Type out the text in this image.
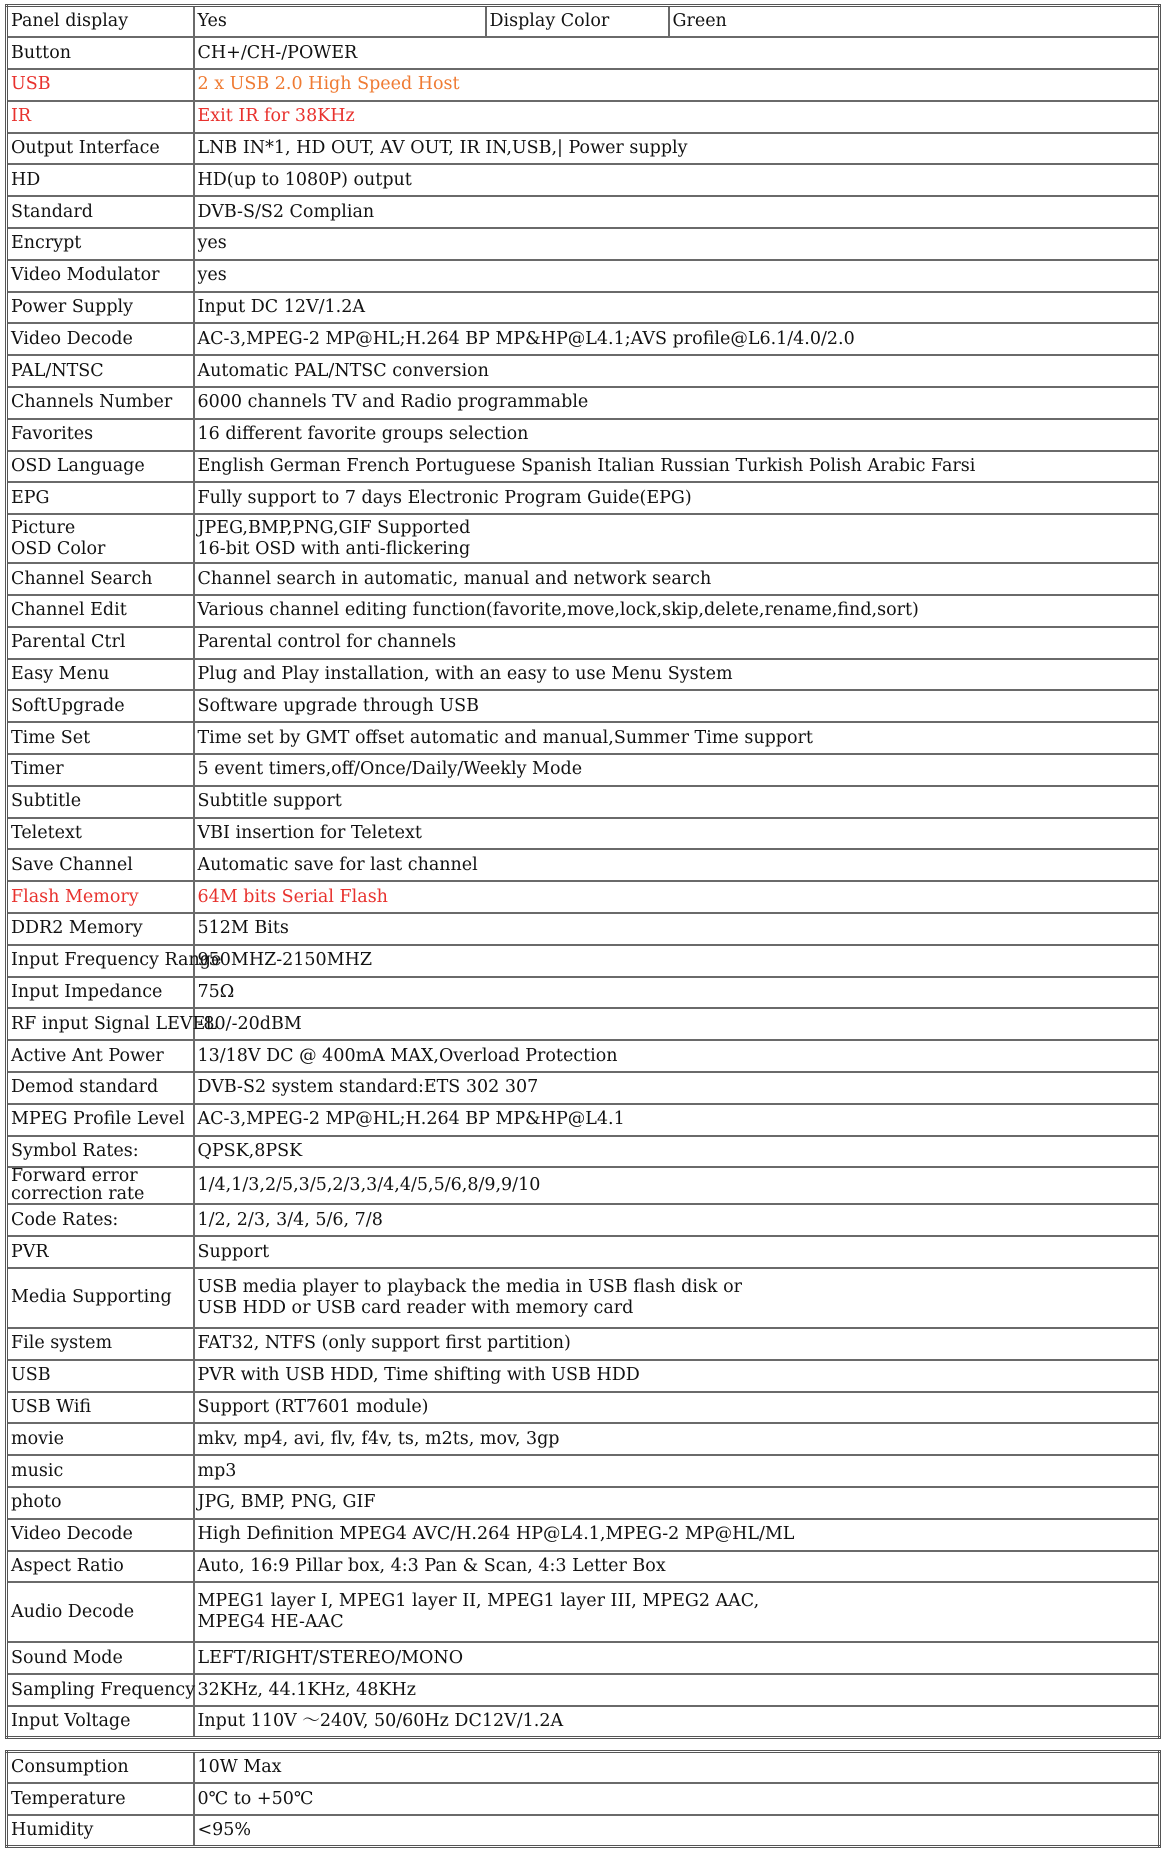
Panel display	Yes	Display Color	Green
Button	CH+/CH-/POWER		
USB	2 x USB 2.0 High Speed Host		
IR	Exit IR for 38KHz		
Output Interface	LNB IN*1, HD OUT, AV OUT, IR IN,USB,| Power supply		
HD	HD(up to 1080P) output		
Standard	DVB-S/S2 Complian		
Encrypt	yes		
Video Modulator	yes		
Power Supply	Input DC 12V/1.2A		
Video Decode	AC-3,MPEG-2 MP@HL;H.264 BP MP&HP@L4.1;AVS profile@L6.1/4.0/2.0		
PAL/NTSC	Automatic PAL/NTSC conversion		
Channels Number	6000 channels TV and Radio programmable		
Favorites	16 different favorite groups selection		
OSD Language	English German French Portuguese Spanish Italian Russian Turkish Polish Arabic Farsi		
EPG	Fully support to 7 days Electronic Program Guide(EPG)		

Picture
OSD Color	JPEG,BMP,PNG,GIF Supported
16-bit OSD with anti-flickering		

Channel Search	Channel search in automatic, manual and network search		
Channel Edit	Various channel editing function(favorite,move,lock,skip,delete,rename,find,sort)		
Parental Ctrl	Parental control for channels		
Easy Menu	Plug and Play installation, with an easy to use Menu System		
SoftUpgrade	Software upgrade through USB		
Time Set	Time set by GMT offset automatic and manual,Summer Time support		
Timer	5 event timers,off/Once/Daily/Weekly Mode		
Subtitle	Subtitle support		
Teletext	VBI insertion for Teletext		
Save Channel	Automatic save for last channel		
Flash Memory	64M bits Serial Flash		
DDR2 Memory	512M Bits		
Input Frequency Range	950MHZ-2150MHZ		
Input Impedance	75Ω		
RF input Signal LEVEL	-80/-20dBM		
Active Ant Power	13/18V DC @ 400mA MAX,Overload Protection		
Demod standard	DVB-S2 system standard:ETS 302 307		
MPEG Profile Level	AC-3,MPEG-2 MP@HL;H.264 BP MP&HP@L4.1		
Symbol Rates:	QPSK,8PSK		

Forward error
correction rate	1/4,1/3,2/5,3/5,2/3,3/4,4/5,5/6,8/9,9/10		
Code Rates:	1/2, 2/3, 3/4, 5/6, 7/8		
PVR	Support		
Media Supporting	USB media player to playback the media in USB flash disk or
USB HDD or USB card reader with memory card		

File system	FAT32, NTFS (only support first partition)		
USB	PVR with USB HDD, Time shifting with USB HDD		
USB Wifi	Support (RT7601 module)		
movie	mkv, mp4, avi, flv, f4v, ts, m2ts, mov, 3gp		
music	mp3		
photo	JPG, BMP, PNG, GIF		
Video Decode	High Definition MPEG4 AVC/H.264 HP@L4.1,MPEG-2 MP@HL/ML		
Aspect Ratio	Auto, 16:9 Pillar box, 4:3 Pan & Scan, 4:3 Letter Box		
Audio Decode	MPEG1 layer I, MPEG1 layer II, MPEG1 layer III, MPEG2 AAC,
MPEG4 HE-AAC		

Sound Mode	LEFT/RIGHT/STEREO/MONO		
Sampling Frequency	32KHz, 44.1KHz, 48KHz		
Input Voltage	Input 110V ～240V, 50/60Hz DC12V/1.2A		
Consumption	10W Max
Temperature	0℃ to +50℃
Humidity	<95%
